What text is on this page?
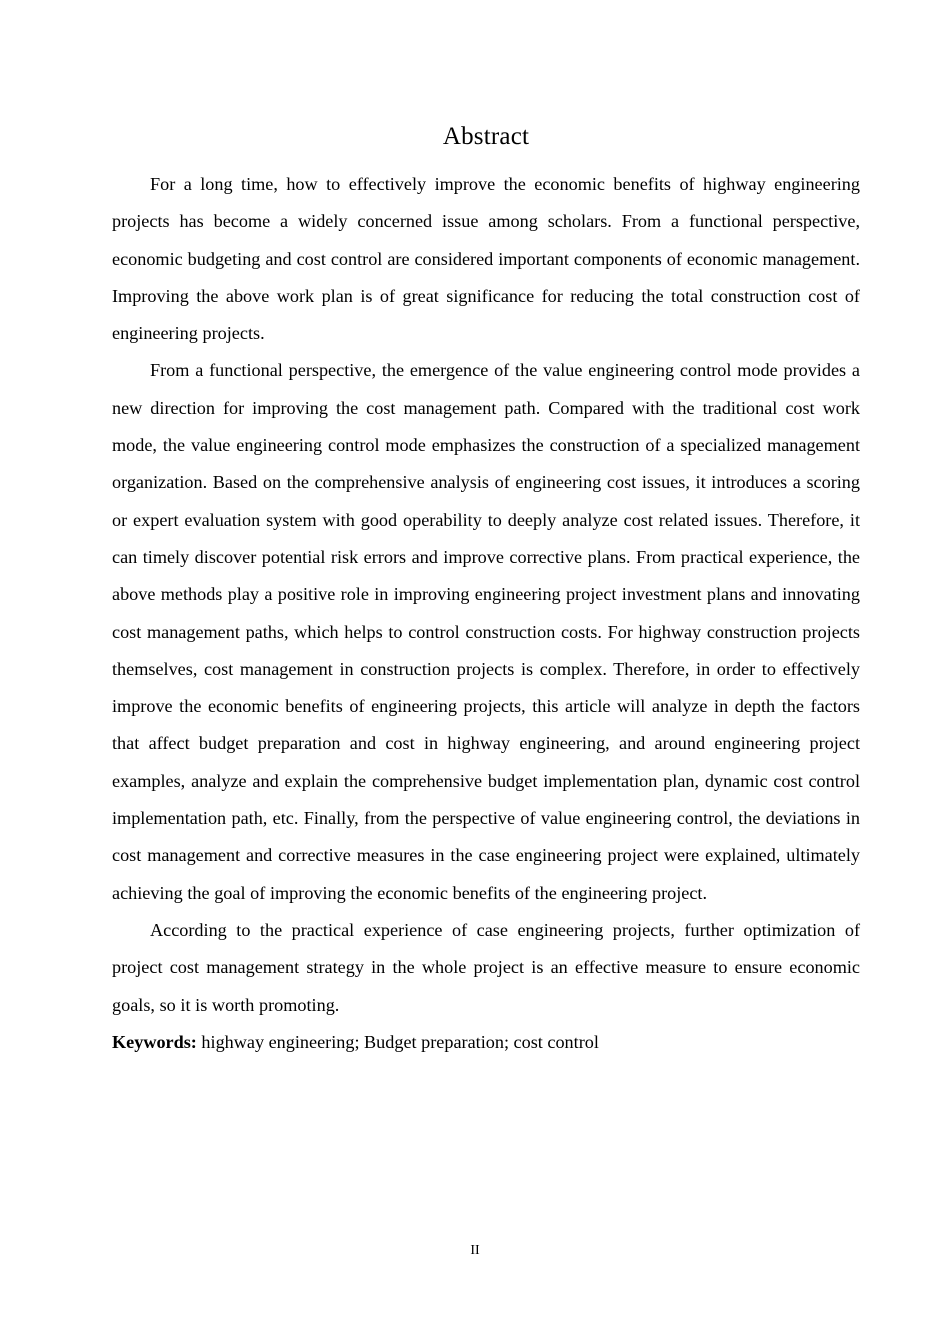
Abstract

For a long time, how to effectively improve the economic benefits of highway engineering projects has become a widely concerned issue among scholars. From a functional perspective, economic budgeting and cost control are considered important components of economic management. Improving the above work plan is of great significance for reducing the total construction cost of engineering projects.

From a functional perspective, the emergence of the value engineering control mode provides a new direction for improving the cost management path. Compared with the traditional cost work mode, the value engineering control mode emphasizes the construction of a specialized management organization. Based on the comprehensive analysis of engineering cost issues, it introduces a scoring or expert evaluation system with good operability to deeply analyze cost related issues. Therefore, it can timely discover potential risk errors and improve corrective plans. From practical experience, the above methods play a positive role in improving engineering project investment plans and innovating cost management paths, which helps to control construction costs. For highway construction projects themselves, cost management in construction projects is complex. Therefore, in order to effectively improve the economic benefits of engineering projects, this article will analyze in depth the factors that affect budget preparation and cost in highway engineering, and around engineering project examples, analyze and explain the comprehensive budget implementation plan, dynamic cost control implementation path, etc. Finally, from the perspective of value engineering control, the deviations in cost management and corrective measures in the case engineering project were explained, ultimately achieving the goal of improving the economic benefits of the engineering project.

According to the practical experience of case engineering projects, further optimization of project cost management strategy in the whole project is an effective measure to ensure economic goals, so it is worth promoting.

Keywords: highway engineering; Budget preparation; cost control

II
